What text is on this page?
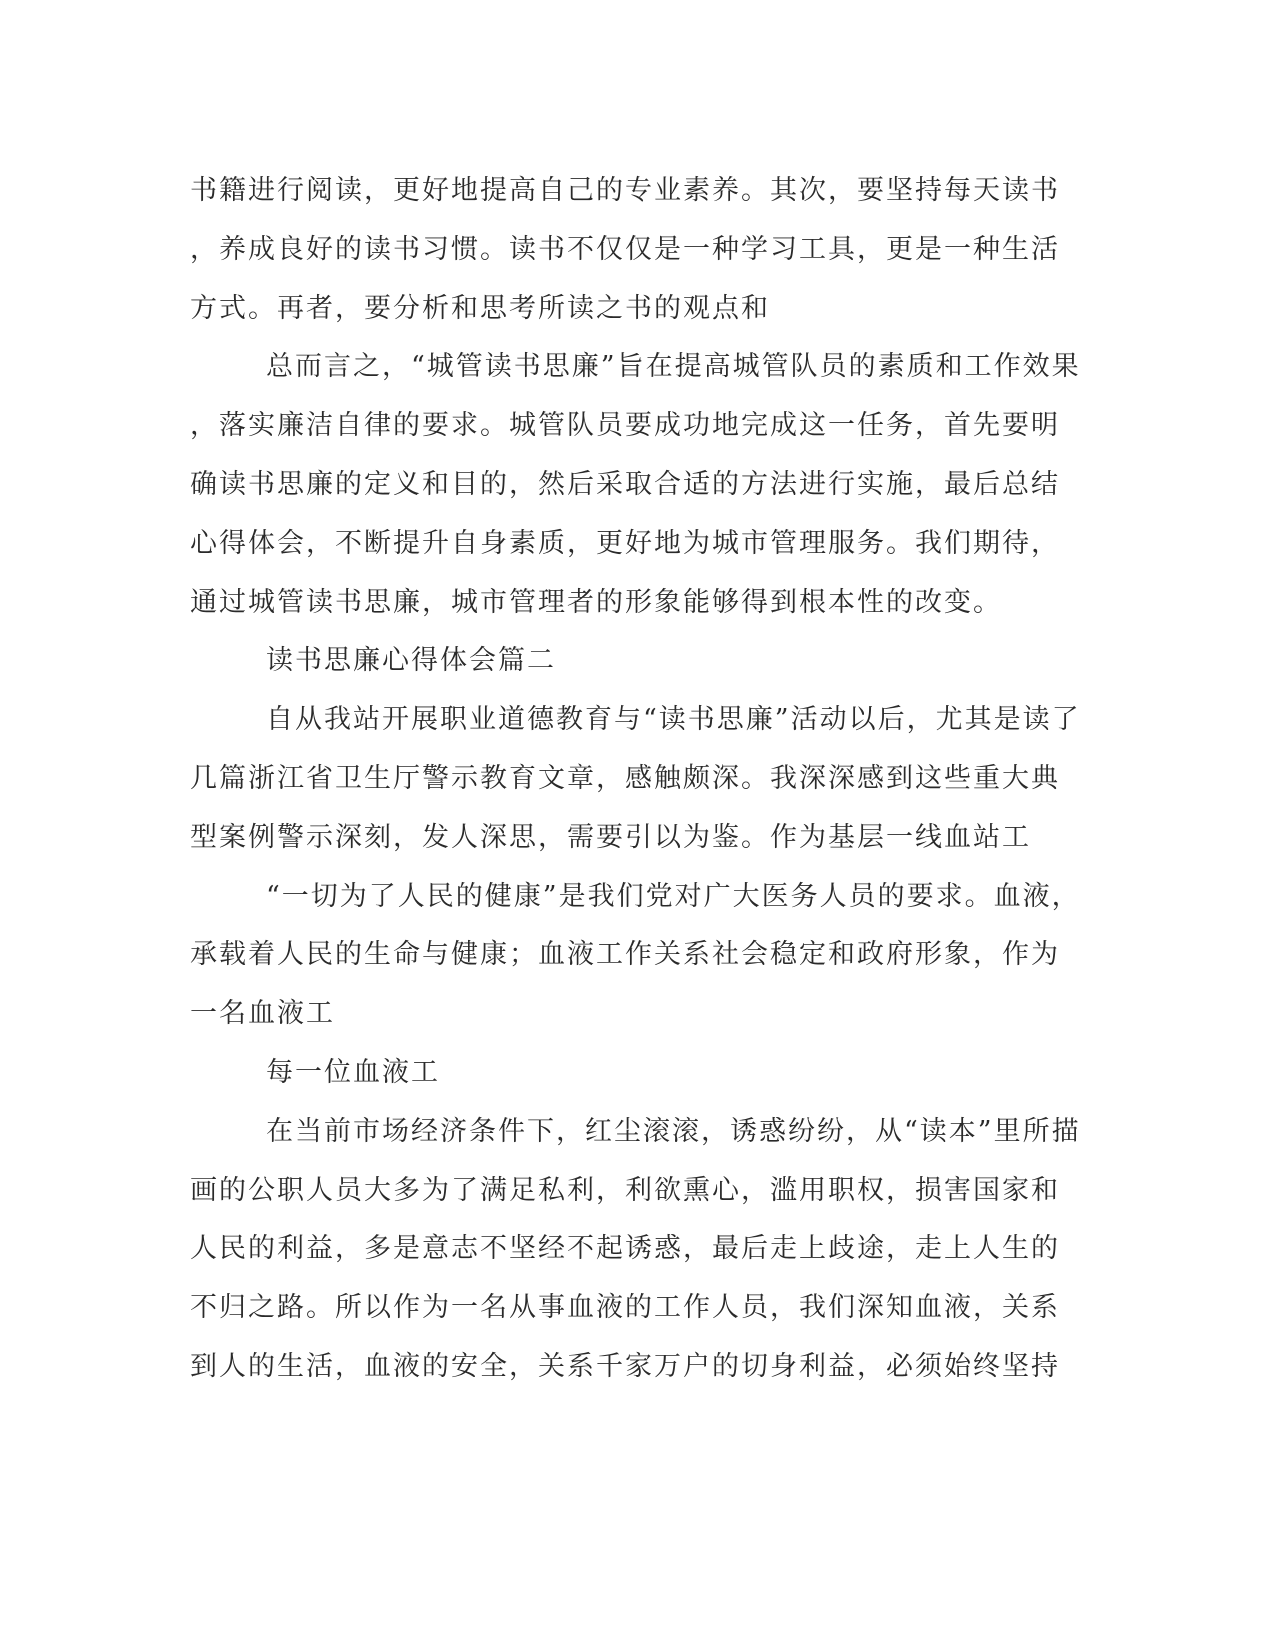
书籍进行阅读，更好地提高自己的专业素养。其次，要坚持每天读书
，养成良好的读书习惯。读书不仅仅是一种学习工具，更是一种生活
方式。再者，要分析和思考所读之书的观点和
总而言之，“城管读书思廉”旨在提高城管队员的素质和工作效果
，落实廉洁自律的要求。城管队员要成功地完成这一任务，首先要明
确读书思廉的定义和目的，然后采取合适的方法进行实施，最后总结
心得体会，不断提升自身素质，更好地为城市管理服务。我们期待，
通过城管读书思廉，城市管理者的形象能够得到根本性的改变。
读书思廉心得体会篇二
自从我站开展职业道德教育与“读书思廉”活动以后，尤其是读了
几篇浙江省卫生厅警示教育文章，感触颇深。我深深感到这些重大典
型案例警示深刻，发人深思，需要引以为鉴。作为基层一线血站工
“一切为了人民的健康”是我们党对广大医务人员的要求。血液，
承载着人民的生命与健康；血液工作关系社会稳定和政府形象，作为
一名血液工
每一位血液工
在当前市场经济条件下，红尘滚滚，诱惑纷纷，从“读本”里所描
画的公职人员大多为了满足私利，利欲熏心，滥用职权，损害国家和
人民的利益，多是意志不坚经不起诱惑，最后走上歧途，走上人生的
不归之路。所以作为一名从事血液的工作人员，我们深知血液，关系
到人的生活，血液的安全，关系千家万户的切身利益，必须始终坚持
